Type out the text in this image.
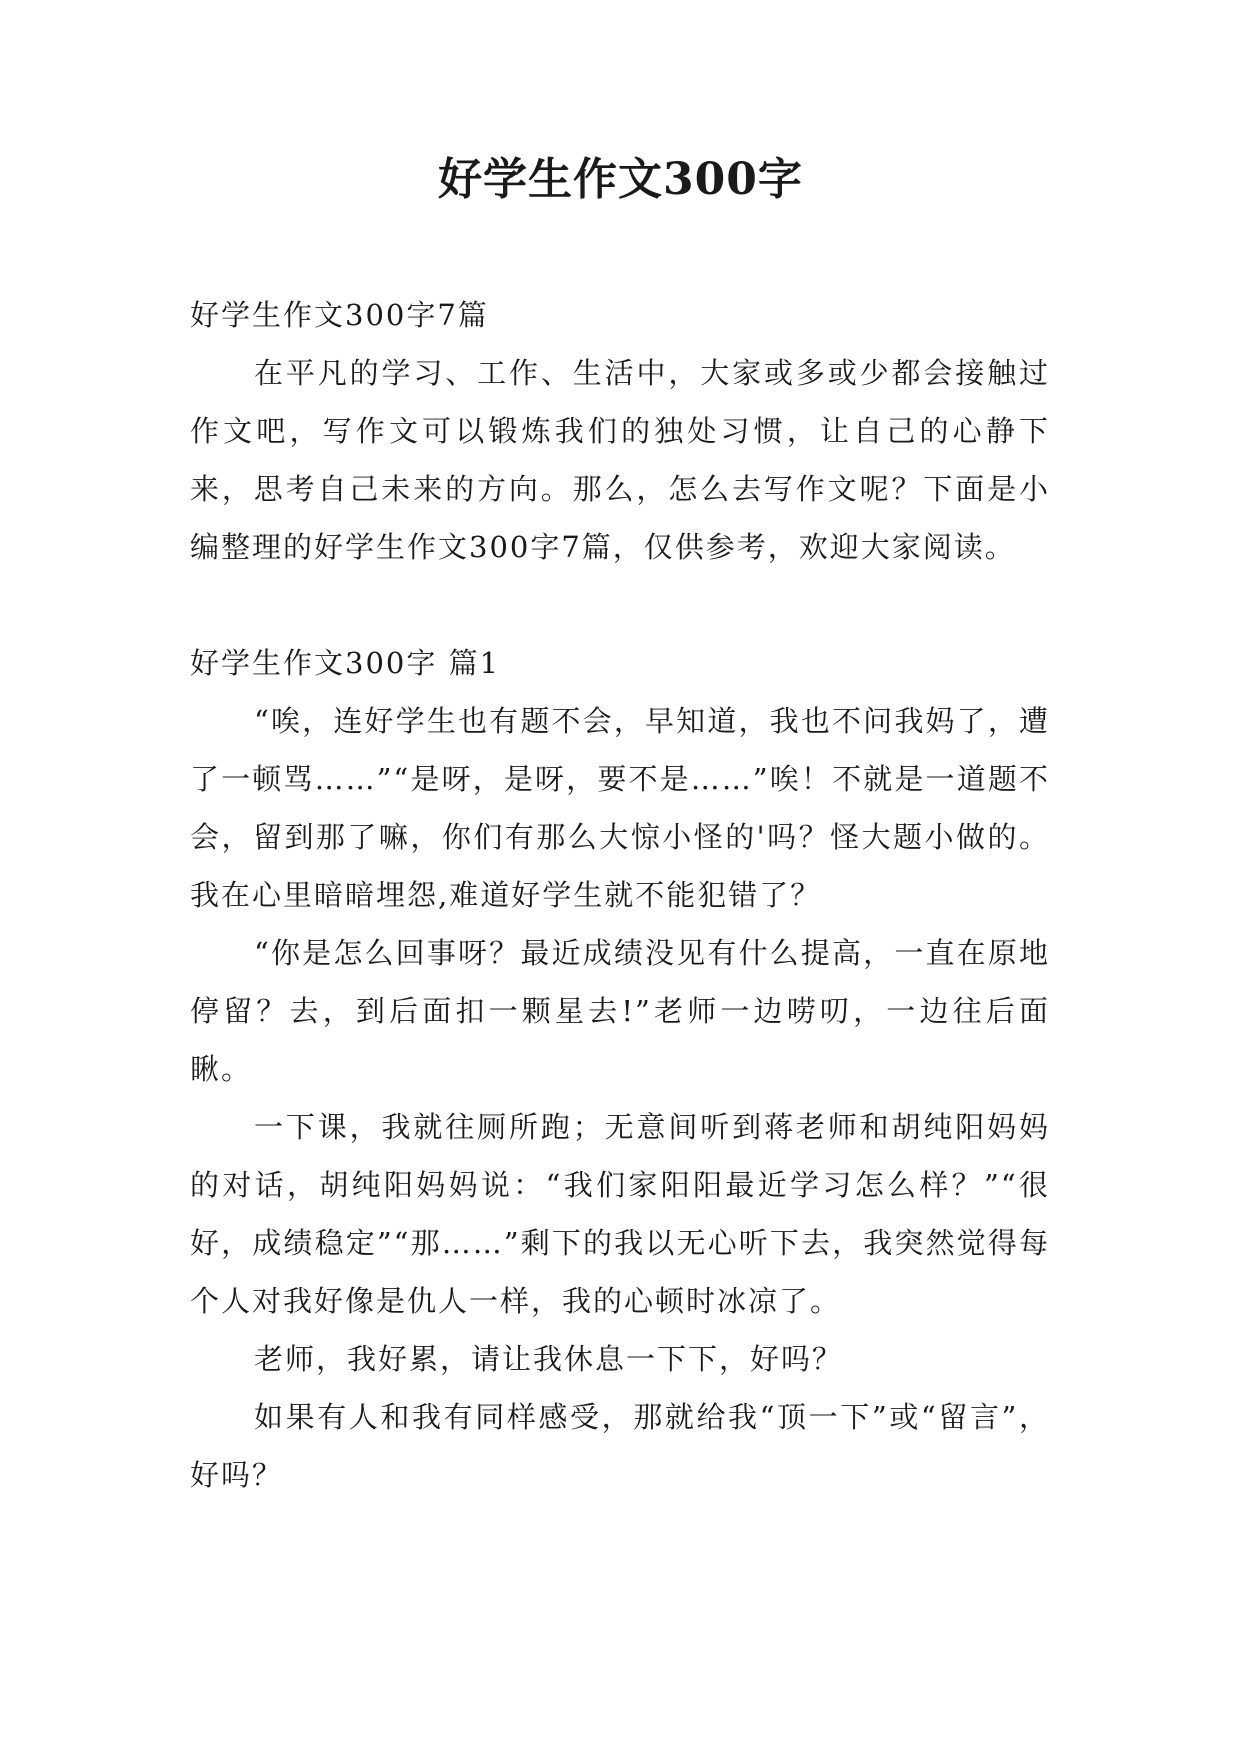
好学生作文300字

好学生作文300字7篇

在平凡的学习、工作、生活中，大家或多或少都会接触过作文吧，写作文可以锻炼我们的独处习惯，让自己的心静下来，思考自己未来的方向。那么，怎么去写作文呢？下面是小编整理的好学生作文300字7篇，仅供参考，欢迎大家阅读。

好学生作文300字 篇1

“唉，连好学生也有题不会，早知道，我也不问我妈了，遭了一顿骂……”“是呀，是呀，要不是……”唉！不就是一道题不会，留到那了嘛，你们有那么大惊小怪的'吗？怪大题小做的。我在心里暗暗埋怨,难道好学生就不能犯错了？

“你是怎么回事呀？最近成绩没见有什么提高，一直在原地停留？去，到后面扣一颗星去!”老师一边唠叨，一边往后面瞅。

一下课，我就往厕所跑；无意间听到蒋老师和胡纯阳妈妈的对话，胡纯阳妈妈说：“我们家阳阳最近学习怎么样？”“很好，成绩稳定”“那……”剩下的我以无心听下去，我突然觉得每个人对我好像是仇人一样，我的心顿时冰凉了。

老师，我好累，请让我休息一下下，好吗？

如果有人和我有同样感受，那就给我“顶一下”或“留言”，好吗？
